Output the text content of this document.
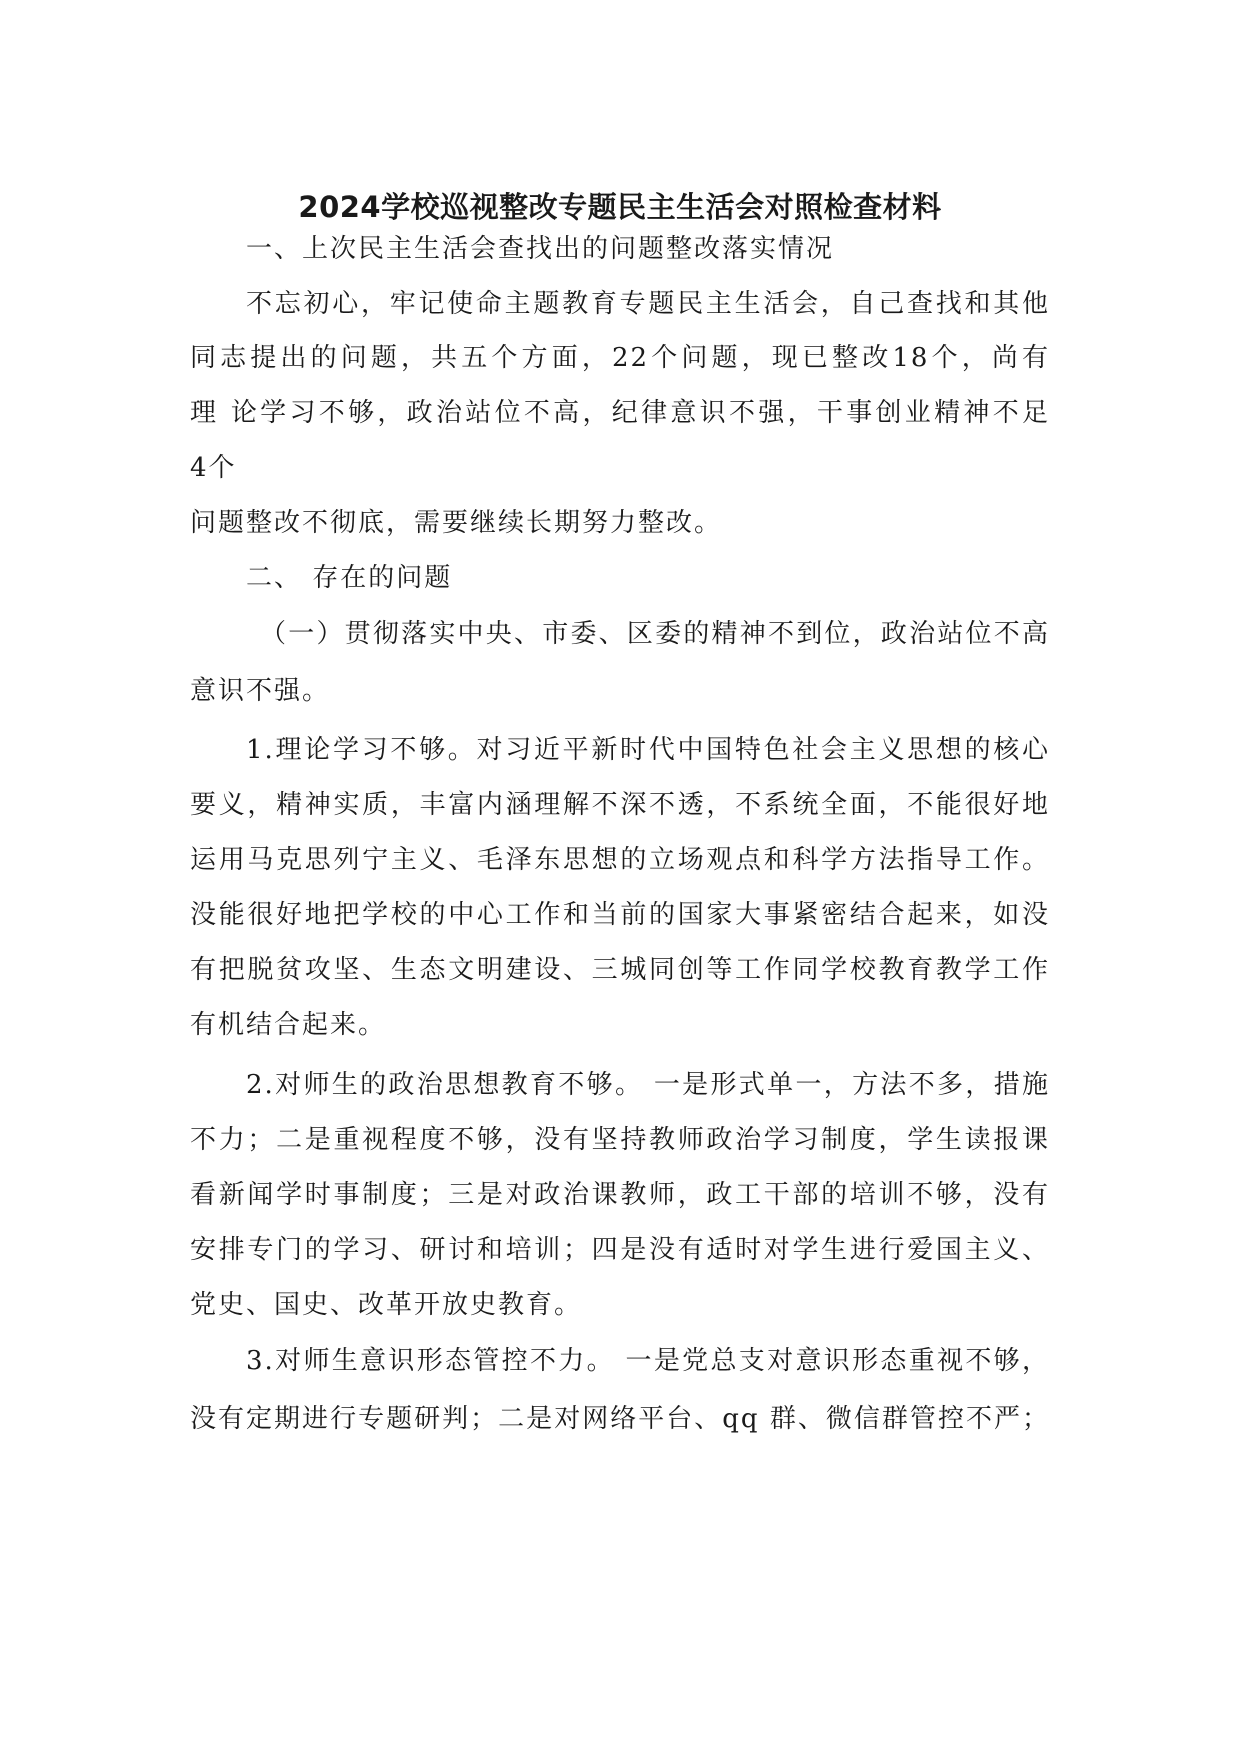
2024学校巡视整改专题民主生活会对照检查材料
一、上次民主生活会查找出的问题整改落实情况
不忘初心，牢记使命主题教育专题民主生活会，自己查找和其他
同志提出的问题，共五个方面，22个问题，现已整改18个，尚有
理 论学习不够，政治站位不高，纪律意识不强，干事创业精神不足
4个
问题整改不彻底，需要继续长期努力整改。
二、 存在的问题
（一）贯彻落实中央、市委、区委的精神不到位，政治站位不高
意识不强。
1.理论学习不够。对习近平新时代中国特色社会主义思想的核心
要义，精神实质，丰富内涵理解不深不透，不系统全面，不能很好地
运用马克思列宁主义、毛泽东思想的立场观点和科学方法指导工作。
没能很好地把学校的中心工作和当前的国家大事紧密结合起来，如没
有把脱贫攻坚、生态文明建设、三城同创等工作同学校教育教学工作
有机结合起来。
2.对师生的政治思想教育不够。 一是形式单一，方法不多，措施
不力；二是重视程度不够，没有坚持教师政治学习制度，学生读报课
看新闻学时事制度；三是对政治课教师，政工干部的培训不够，没有
安排专门的学习、研讨和培训；四是没有适时对学生进行爱国主义、
党史、国史、改革开放史教育。
3.对师生意识形态管控不力。 一是党总支对意识形态重视不够，
没有定期进行专题研判；二是对网络平台、qq 群、微信群管控不严；
